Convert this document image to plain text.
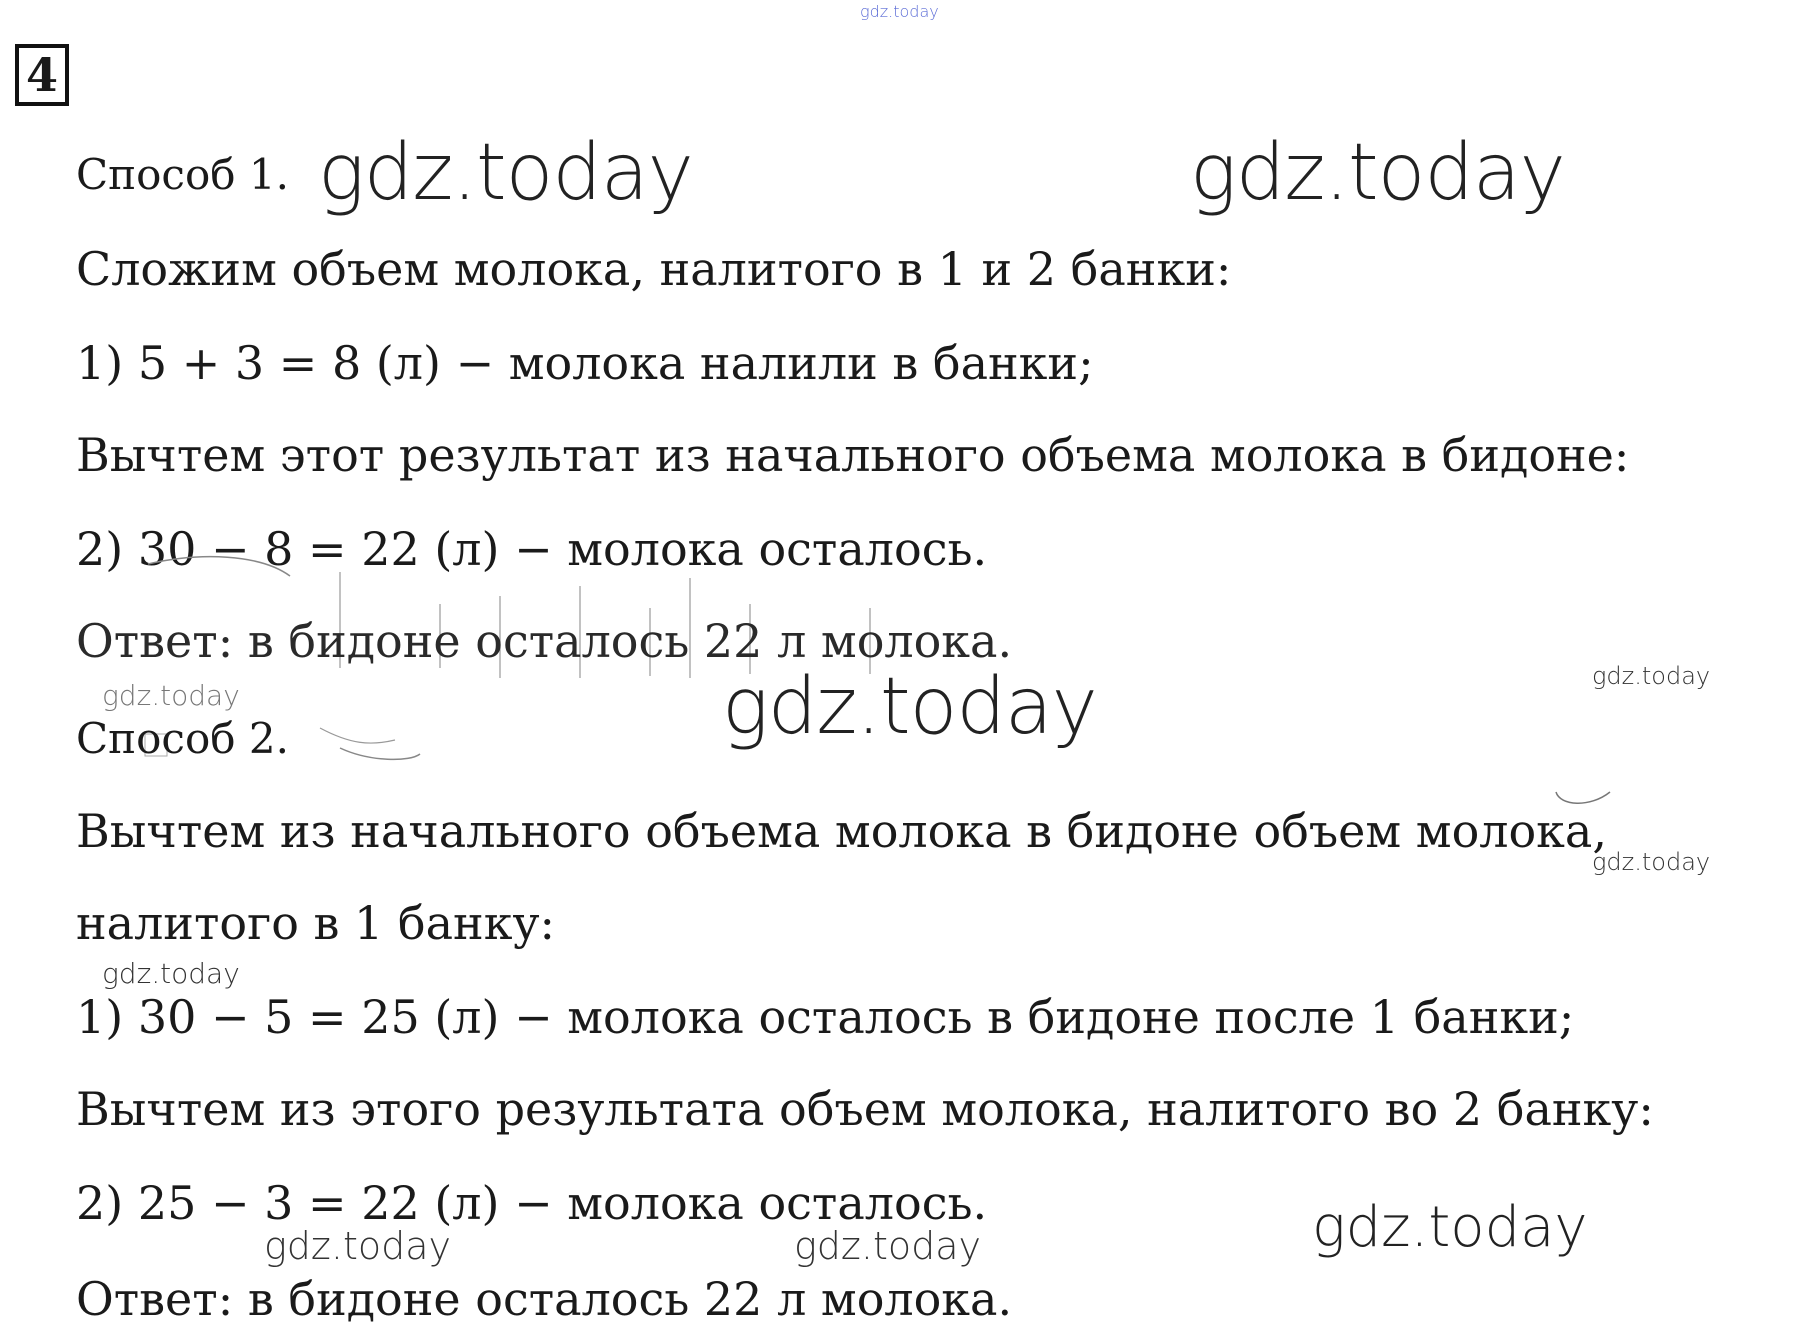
gdz.today
4
Способ 1. gdz.today	gdz.today
Сложим объем молока, налитого в 1 и 2 банки:
1) 5 + 3 = 8 (л) − молока налили в банки;
Вычтем этот результат из начального объема молока в бидоне:
2) 30 − 8 = 22 (л) − молока осталось.
Ответ: в бидоне осталось 22 л молока.
gdz.today	gdz.today	gdz.today
Способ 2.
Вычтем из начального объема молока в бидоне объем молока,
gdz.today
налитого в 1 банку:
gdz.today
1) 30 − 5 = 25 (л) − молока осталось в бидоне после 1 банки;
Вычтем из этого результата объем молока, налитого во 2 банку:
2) 25 − 3 = 22 (л) − молока осталось.	gdz.today
gdz.today	gdz.today
Ответ: в бидоне осталось 22 л молока.
